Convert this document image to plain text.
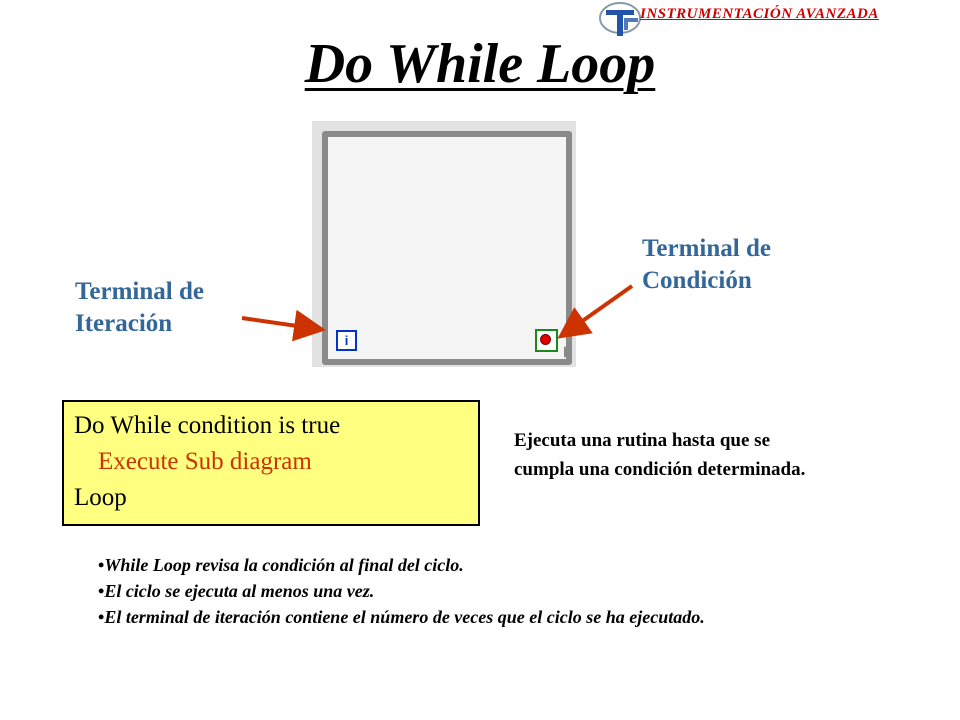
INSTRUMENTACIÓN AVANZADA
Do While Loop
i
Terminal de
Iteración
Terminal de
Condición
Do While condition is true
Execute Sub diagram
Loop
Ejecuta una rutina hasta que se cumpla una condición determinada.
• While Loop revisa la condición al final del ciclo.
• El ciclo se ejecuta al menos una vez.
• El terminal de iteración contiene el número de veces que el ciclo se ha ejecutado.
